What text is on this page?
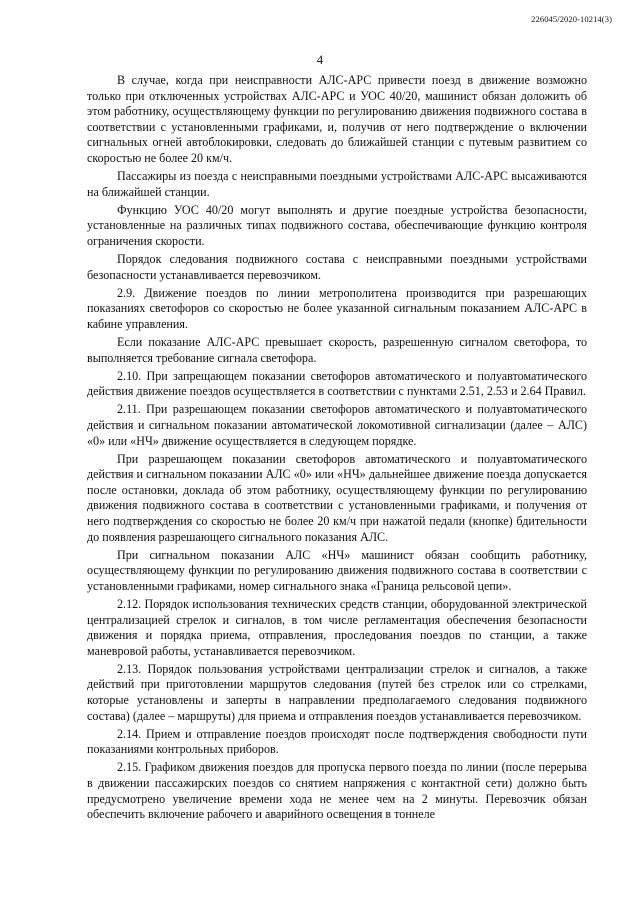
226045/2020-10214(3)
4

В случае, когда при неисправности АЛС-АРС привести поезд в движение возможно только при отключенных устройствах АЛС-АРС и УОС 40/20, машинист обязан доложить об этом работнику, осуществляющему функции по регулированию движения подвижного состава в соответствии с установленными графиками, и, получив от него подтверждение о включении сигнальных огней автоблокировки, следовать до ближайшей станции с путевым развитием со скоростью не более 20 км/ч.

Пассажиры из поезда с неисправными поездными устройствами АЛС-АРС высаживаются на ближайшей станции.

Функцию УОС 40/20 могут выполнять и другие поездные устройства безопасности, установленные на различных типах подвижного состава, обеспечивающие функцию контроля ограничения скорости.

Порядок следования подвижного состава с неисправными поездными устройствами безопасности устанавливается перевозчиком.

2.9. Движение поездов по линии метрополитена производится при разрешающих показаниях светофоров со скоростью не более указанной сигнальным показанием АЛС-АРС в кабине управления.

Если показание АЛС-АРС превышает скорость, разрешенную сигналом светофора, то выполняется требование сигнала светофора.

2.10. При запрещающем показании светофоров автоматического и полуавтоматического действия движение поездов осуществляется в соответствии с пунктами 2.51, 2.53 и 2.64 Правил.

2.11. При разрешающем показании светофоров автоматического и полуавтоматического действия и сигнальном показании автоматической локомотивной сигнализации (далее – АЛС) «0» или «НЧ» движение осуществляется в следующем порядке.

При разрешающем показании светофоров автоматического и полуавтоматического действия и сигнальном показании АЛС «0» или «НЧ» дальнейшее движение поезда допускается после остановки, доклада об этом работнику, осуществляющему функции по регулированию движения подвижного состава в соответствии с установленными графиками, и получения от него подтверждения со скоростью не более 20 км/ч при нажатой педали (кнопке) бдительности до появления разрешающего сигнального показания АЛС.

При сигнальном показании АЛС «НЧ» машинист обязан сообщить работнику, осуществляющему функции по регулированию движения подвижного состава в соответствии с установленными графиками, номер сигнального знака «Граница рельсовой цепи».

2.12. Порядок использования технических средств станции, оборудованной электрической централизацией стрелок и сигналов, в том числе регламентация обеспечения безопасности движения и порядка приема, отправления, проследования поездов по станции, а также маневровой работы, устанавливается перевозчиком.

2.13. Порядок пользования устройствами централизации стрелок и сигналов, а также действий при приготовлении маршрутов следования (путей без стрелок или со стрелками, которые установлены и заперты в направлении предполагаемого следования подвижного состава) (далее – маршруты) для приема и отправления поездов устанавливается перевозчиком.

2.14. Прием и отправление поездов происходят после подтверждения свободности пути показаниями контрольных приборов.

2.15. Графиком движения поездов для пропуска первого поезда по линии (после перерыва в движении пассажирских поездов со снятием напряжения с контактной сети) должно быть предусмотрено увеличение времени хода не менее чем на 2 минуты. Перевозчик обязан обеспечить включение рабочего и аварийного освещения в тоннеле
